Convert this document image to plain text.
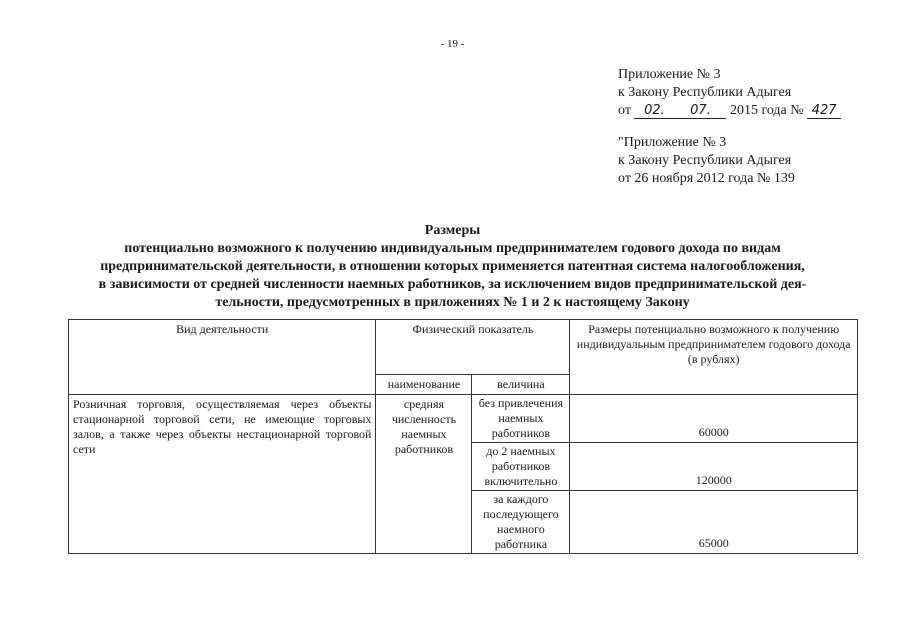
- 19 -
Приложение № 3
к Закону Республики Адыгея
от 02. 07. 2015 года № 427
"Приложение № 3
к Закону Республики Адыгея
от 26 ноября 2012 года № 139
Размеры
потенциально возможного к получению индивидуальным предпринимателем годового дохода по видам
предпринимательской деятельности, в отношении которых применяется патентная система налогообложения,
в зависимости от средней численности наемных работников, за исключением видов предпринимательской дея-
тельности, предусмотренных в приложениях № 1 и 2 к настоящему Закону
Вид деятельности	Физический показатель		Размеры потенциально возможного к получению индивидуальным предпринимателем годового дохода (в рублях)
	наименование	величина	
Розничная торговля, осуществляемая через объекты стационарной торговой сети, не имеющие торговых залов, а также через объекты нестационарной торговой сети	средняя численность наемных работников	без привлечения наемных работников	60000
		до 2 наемных работников включительно	120000
		за каждого последующего наемного работника	65000
